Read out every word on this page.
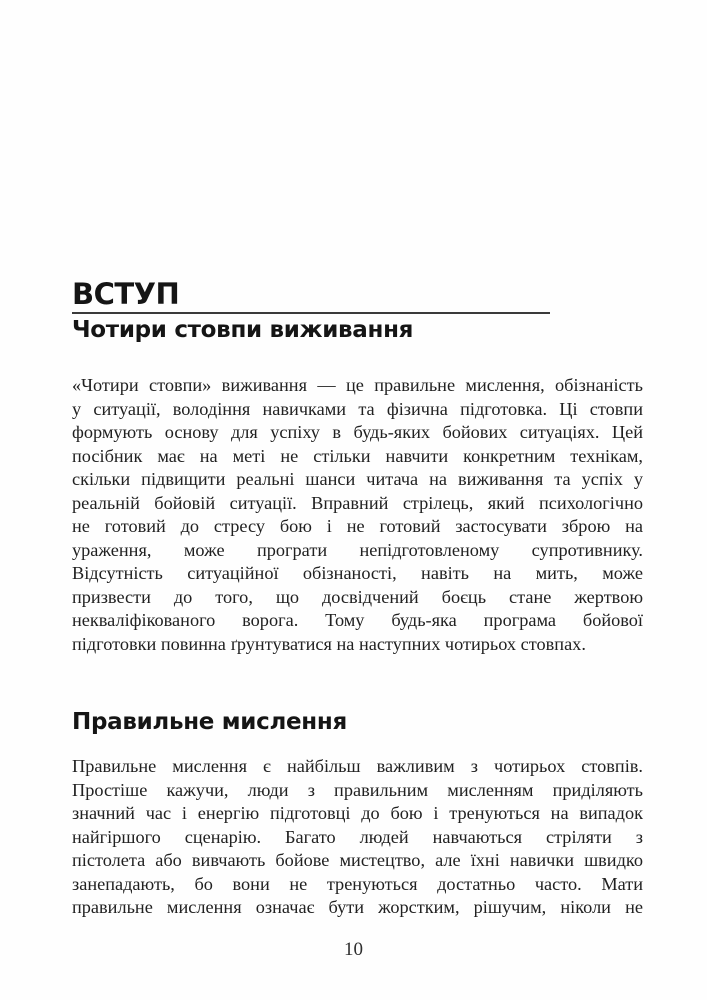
ВСТУП
Чотири стовпи виживання
«Чотири стовпи» виживання — це правильне мислення, обізнаність
у ситуації, володіння навичками та фізична підготовка. Ці стовпи
формують основу для успіху в будь-яких бойових ситуаціях. Цей
посібник має на меті не стільки навчити конкретним технікам,
скільки підвищити реальні шанси читача на виживання та успіх у
реальній бойовій ситуації. Вправний стрілець, який психологічно
не готовий до стресу бою і не готовий застосувати зброю на
ураження, може програти непідготовленому супротивнику.
Відсутність ситуаційної обізнаності, навіть на мить, може
призвести до того, що досвідчений боєць стане жертвою
некваліфікованого ворога. Тому будь-яка програма бойової
підготовки повинна ґрунтуватися на наступних чотирьох стовпах.
Правильне мислення
Правильне мислення є найбільш важливим з чотирьох стовпів.
Простіше кажучи, люди з правильним мисленням приділяють
значний час і енергію підготовці до бою і тренуються на випадок
найгіршого сценарію. Багато людей навчаються стріляти з
пістолета або вивчають бойове мистецтво, але їхні навички швидко
занепадають, бо вони не тренуються достатньо часто. Мати
правильне мислення означає бути жорстким, рішучим, ніколи не
10
